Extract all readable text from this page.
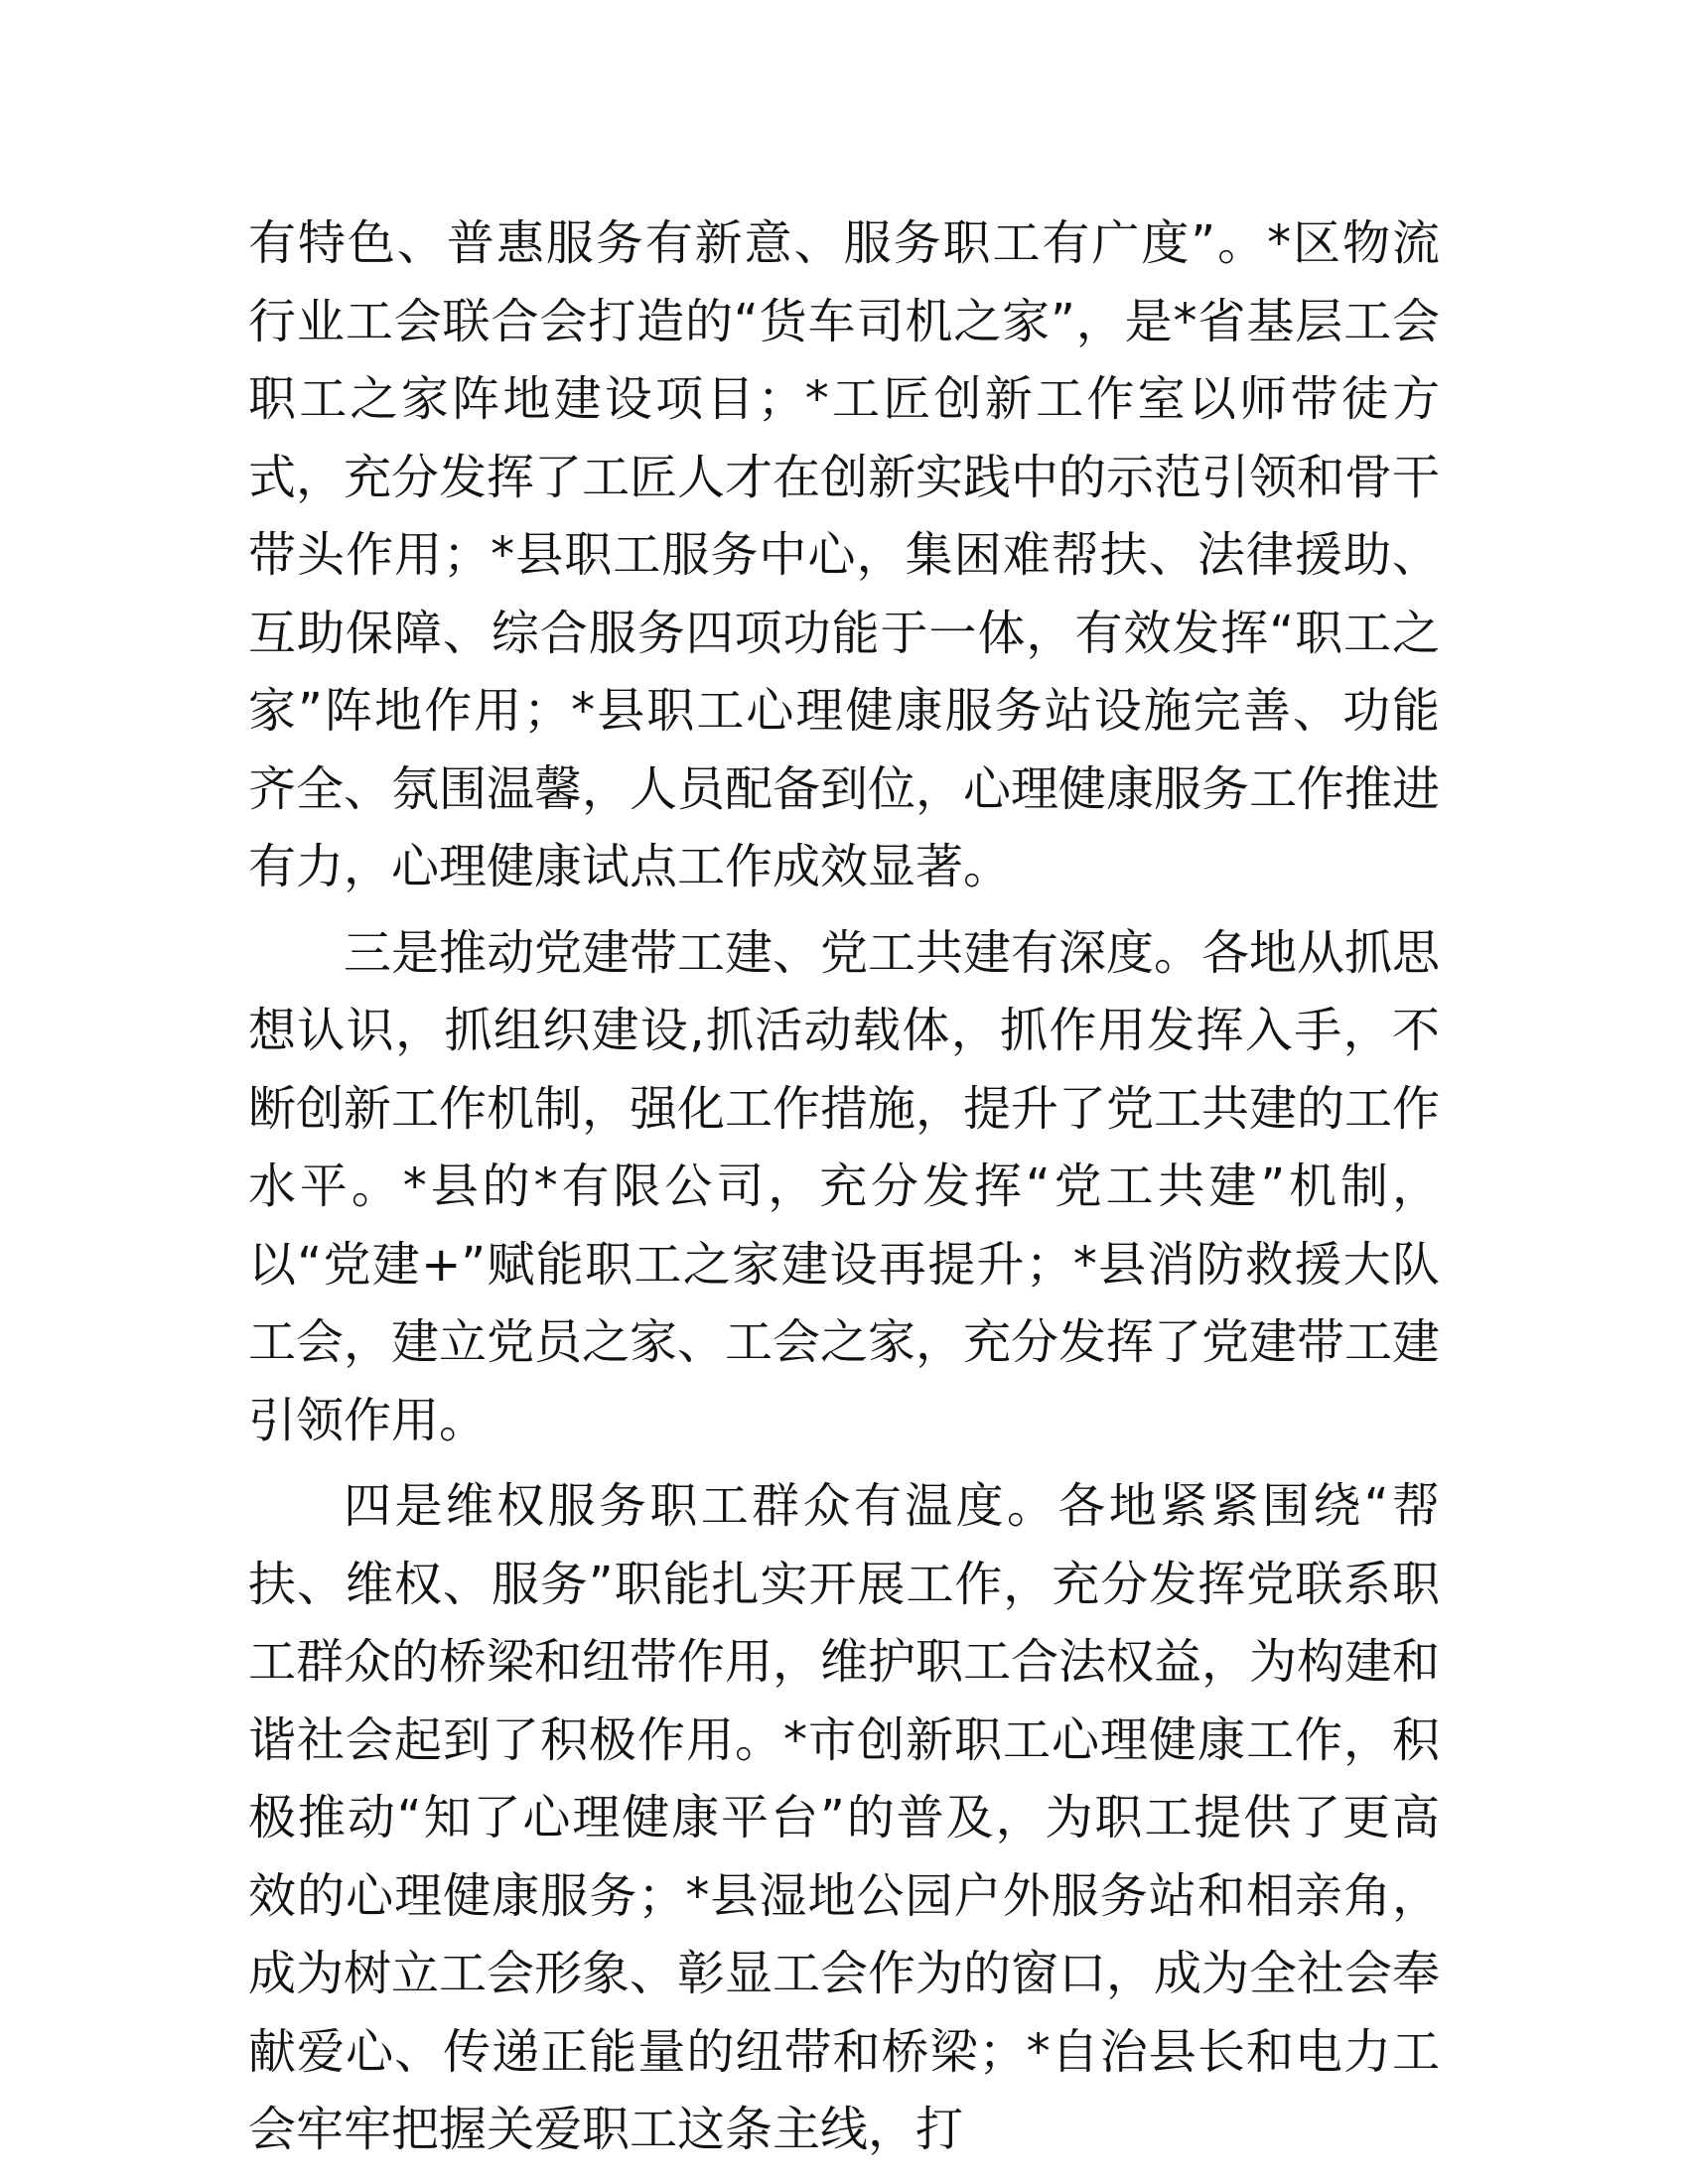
有特色、普惠服务有新意、服务职工有广度”。*区物流行业工会联合会打造的“货车司机之家”，是*省基层工会职工之家阵地建设项目；*工匠创新工作室以师带徒方式，充分发挥了工匠人才在创新实践中的示范引领和骨干带头作用；*县职工服务中心，集困难帮扶、法律援助、互助保障、综合服务四项功能于一体，有效发挥“职工之家”阵地作用；*县职工心理健康服务站设施完善、功能齐全、氛围温馨，人员配备到位，心理健康服务工作推进有力，心理健康试点工作成效显著。

三是推动党建带工建、党工共建有深度。各地从抓思想认识，抓组织建设,抓活动载体，抓作用发挥入手，不断创新工作机制，强化工作措施，提升了党工共建的工作水平。*县的*有限公司，充分发挥“党工共建”机制，以“党建+”赋能职工之家建设再提升；*县消防救援大队工会，建立党员之家、工会之家，充分发挥了党建带工建引领作用。

四是维权服务职工群众有温度。各地紧紧围绕“帮扶、维权、服务”职能扎实开展工作，充分发挥党联系职工群众的桥梁和纽带作用，维护职工合法权益，为构建和谐社会起到了积极作用。*市创新职工心理健康工作，积极推动“知了心理健康平台”的普及，为职工提供了更高效的心理健康服务；*县湿地公园户外服务站和相亲角，成为树立工会形象、彰显工会作为的窗口，成为全社会奉献爱心、传递正能量的纽带和桥梁；*自治县长和电力工会牢牢把握关爱职工这条主线，打
